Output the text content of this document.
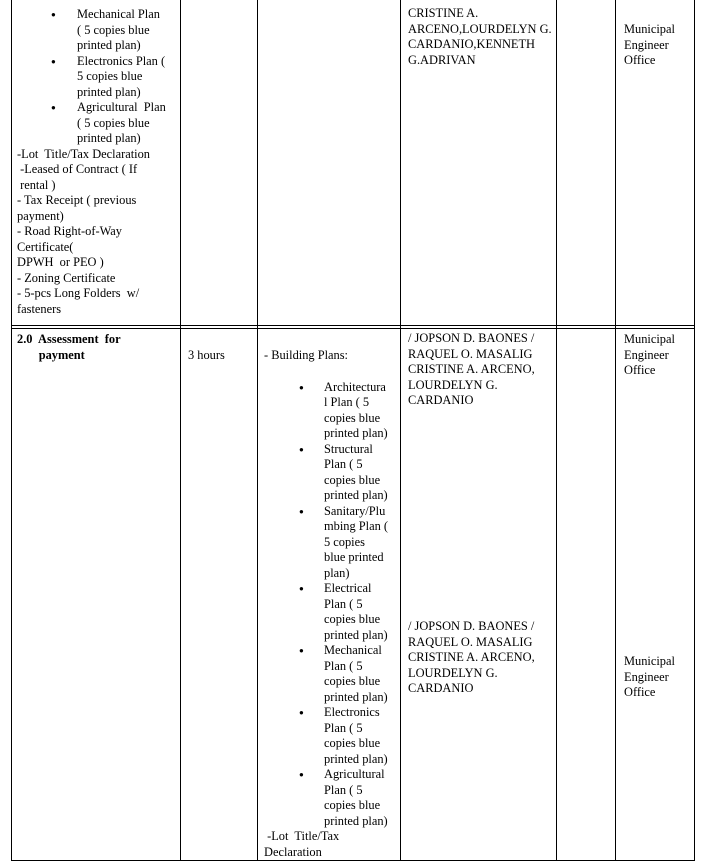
● Mechanical Plan
( 5 copies blue
printed plan)
● Electronics Plan (
5 copies blue
printed plan)
● Agricultural  Plan
( 5 copies blue
printed plan)
-Lot  Title/Tax Declaration
-Leased of Contract ( If
rental )
- Tax Receipt ( previous
payment)
- Road Right-of-Way
Certificate(
DPWH  or PEO )
- Zoning Certificate
- 5-pcs Long Folders  w/
fasteners
CRISTINE A.
ARCENO,LOURDELYN G.
CARDANIO,KENNETH
G.ADRIVAN
Municipal
Engineer
Office
2.0  Assessment  for
payment	3 hours	- Building Plans:
● Architectura
l Plan ( 5
copies blue
printed plan)
● Structural
Plan ( 5
copies blue
printed plan)
● Sanitary/Plu
mbing Plan (
5 copies
blue printed
plan)
● Electrical
Plan ( 5
copies blue
printed plan)
● Mechanical
Plan ( 5
copies blue
printed plan)
● Electronics
Plan ( 5
copies blue
printed plan)
● Agricultural
Plan ( 5
copies blue
printed plan)
-Lot  Title/Tax
Declaration
/ JOPSON D. BAONES /
RAQUEL O. MASALIG
CRISTINE A. ARCENO,
LOURDELYN G.
CARDANIO
/ JOPSON D. BAONES /
RAQUEL O. MASALIG
CRISTINE A. ARCENO,
LOURDELYN G.
CARDANIO
Municipal
Engineer
Office
Municipal
Engineer
Office
